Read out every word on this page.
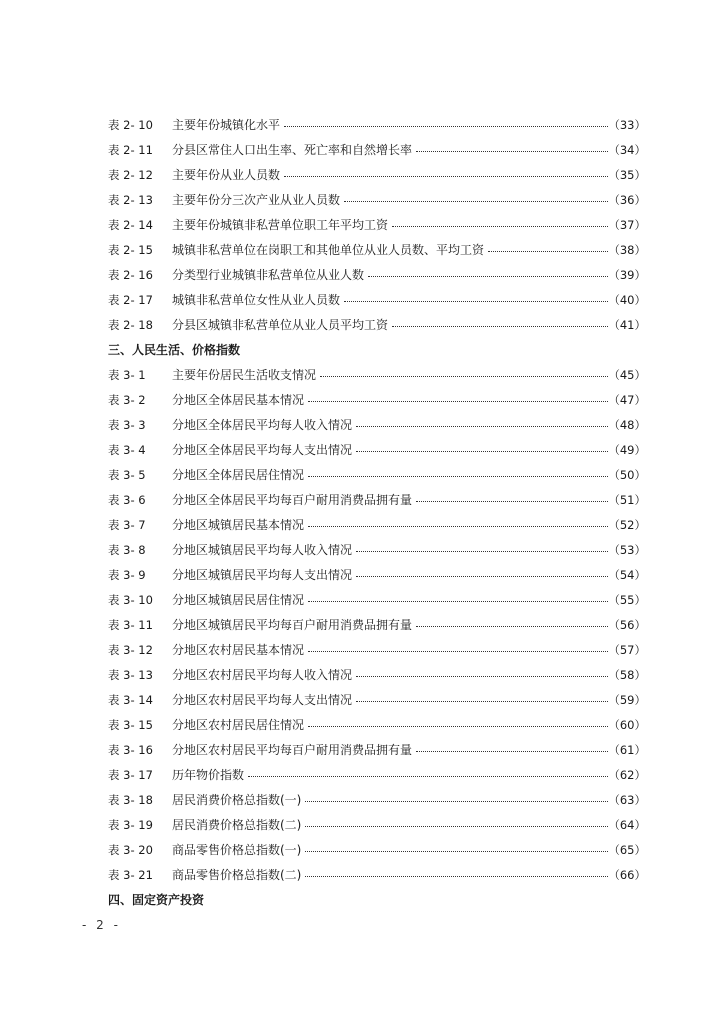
表 2- 10	主要年份城镇化水平	（33）
表 2- 11	分县区常住人口出生率、死亡率和自然增长率	（34）
表 2- 12	主要年份从业人员数	（35）
表 2- 13	主要年份分三次产业从业人员数	（36）
表 2- 14	主要年份城镇非私营单位职工年平均工资	（37）
表 2- 15	城镇非私营单位在岗职工和其他单位从业人员数、平均工资	（38）
表 2- 16	分类型行业城镇非私营单位从业人数	（39）
表 2- 17	城镇非私营单位女性从业人员数	（40）
表 2- 18	分县区城镇非私营单位从业人员平均工资	（41）
三、人民生活、价格指数
表 3- 1	主要年份居民生活收支情况	（45）
表 3- 2	分地区全体居民基本情况	（47）
表 3- 3	分地区全体居民平均每人收入情况	（48）
表 3- 4	分地区全体居民平均每人支出情况	（49）
表 3- 5	分地区全体居民居住情况	（50）
表 3- 6	分地区全体居民平均每百户耐用消费品拥有量	（51）
表 3- 7	分地区城镇居民基本情况	（52）
表 3- 8	分地区城镇居民平均每人收入情况	（53）
表 3- 9	分地区城镇居民平均每人支出情况	（54）
表 3- 10	分地区城镇居民居住情况	（55）
表 3- 11	分地区城镇居民平均每百户耐用消费品拥有量	（56）
表 3- 12	分地区农村居民基本情况	（57）
表 3- 13	分地区农村居民平均每人收入情况	（58）
表 3- 14	分地区农村居民平均每人支出情况	（59）
表 3- 15	分地区农村居民居住情况	（60）
表 3- 16	分地区农村居民平均每百户耐用消费品拥有量	（61）
表 3- 17	历年物价指数	（62）
表 3- 18	居民消费价格总指数(一)	（63）
表 3- 19	居民消费价格总指数(二)	（64）
表 3- 20	商品零售价格总指数(一)	（65）
表 3- 21	商品零售价格总指数(二)	（66）
四、固定资产投资
- 2 -
